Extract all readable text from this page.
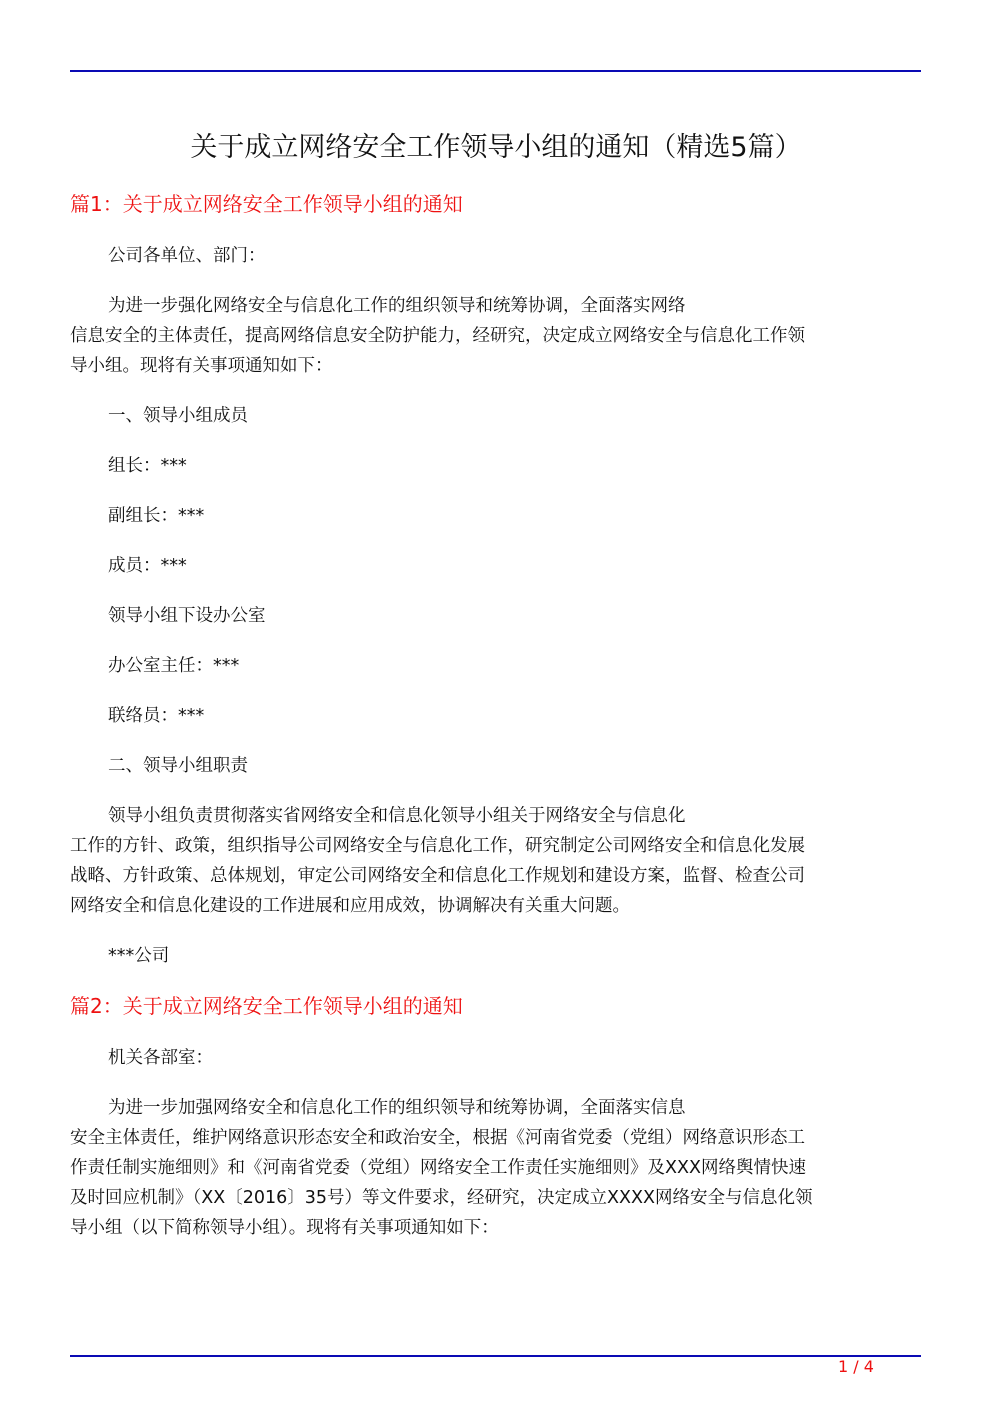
关于成立网络安全工作领导小组的通知（精选5篇）
篇1：关于成立网络安全工作领导小组的通知
公司各单位、部门：
为进一步强化网络安全与信息化工作的组织领导和统筹协调，全面落实网络
信息安全的主体责任，提高网络信息安全防护能力，经研究，决定成立网络安全与信息化工作领
导小组。现将有关事项通知如下：
一、领导小组成员
组长：***
副组长：***
成员：***
领导小组下设办公室
办公室主任：***
联络员：***
二、领导小组职责
领导小组负责贯彻落实省网络安全和信息化领导小组关于网络安全与信息化
工作的方针、政策，组织指导公司网络安全与信息化工作，研究制定公司网络安全和信息化发展
战略、方针政策、总体规划，审定公司网络安全和信息化工作规划和建设方案，监督、检查公司
网络安全和信息化建设的工作进展和应用成效，协调解决有关重大问题。
***公司
篇2：关于成立网络安全工作领导小组的通知
机关各部室：
为进一步加强网络安全和信息化工作的组织领导和统筹协调，全面落实信息
安全主体责任，维护网络意识形态安全和政治安全，根据《河南省党委（党组）网络意识形态工
作责任制实施细则》和《河南省党委（党组）网络安全工作责任实施细则》及XXX网络舆情快速
及时回应机制》（XX〔2016〕35号）等文件要求，经研究，决定成立XXXX网络安全与信息化领
导小组（以下简称领导小组）。现将有关事项通知如下：
1 / 4
